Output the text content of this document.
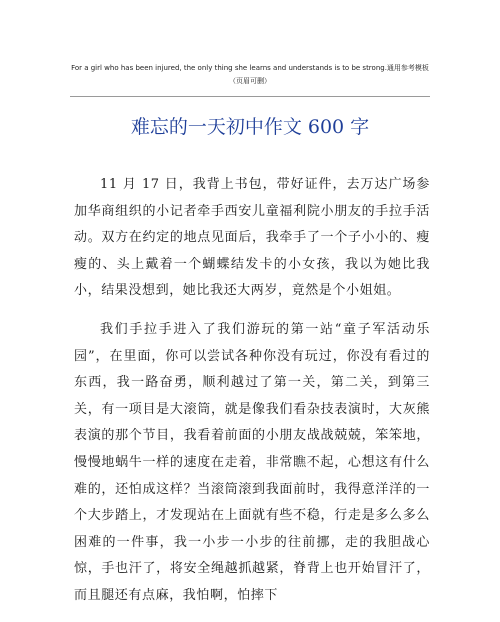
For a girl who has been injured, the only thing she learns and understands is to be strong.通用参考模板（页眉可删）
难忘的一天初中作文 600 字

11 月 17 日，我背上书包，带好证件，去万达广场参加华商组织的小记者牵手西安儿童福利院小朋友的手拉手活动。双方在约定的地点见面后，我牵手了一个子小小的、瘦瘦的、头上戴着一个蝴蝶结发卡的小女孩，我以为她比我小，结果没想到，她比我还大两岁，竟然是个小姐姐。

我们手拉手进入了我们游玩的第一站“童子军活动乐园”，在里面，你可以尝试各种你没有玩过，你没有看过的东西，我一路奋勇，顺利越过了第一关，第二关，到第三关，有一项目是大滚筒，就是像我们看杂技表演时，大灰熊表演的那个节目，我看着前面的小朋友战战兢兢，笨笨地，慢慢地蜗牛一样的速度在走着，非常瞧不起，心想这有什么难的，还怕成这样？当滚筒滚到我面前时，我得意洋洋的一个大步踏上，才发现站在上面就有些不稳，行走是多么多么困难的一件事，我一小步一小步的往前挪，走的我胆战心惊，手也汗了，将安全绳越抓越紧，脊背上也开始冒汗了，而且腿还有点麻，我怕啊，怕摔下
